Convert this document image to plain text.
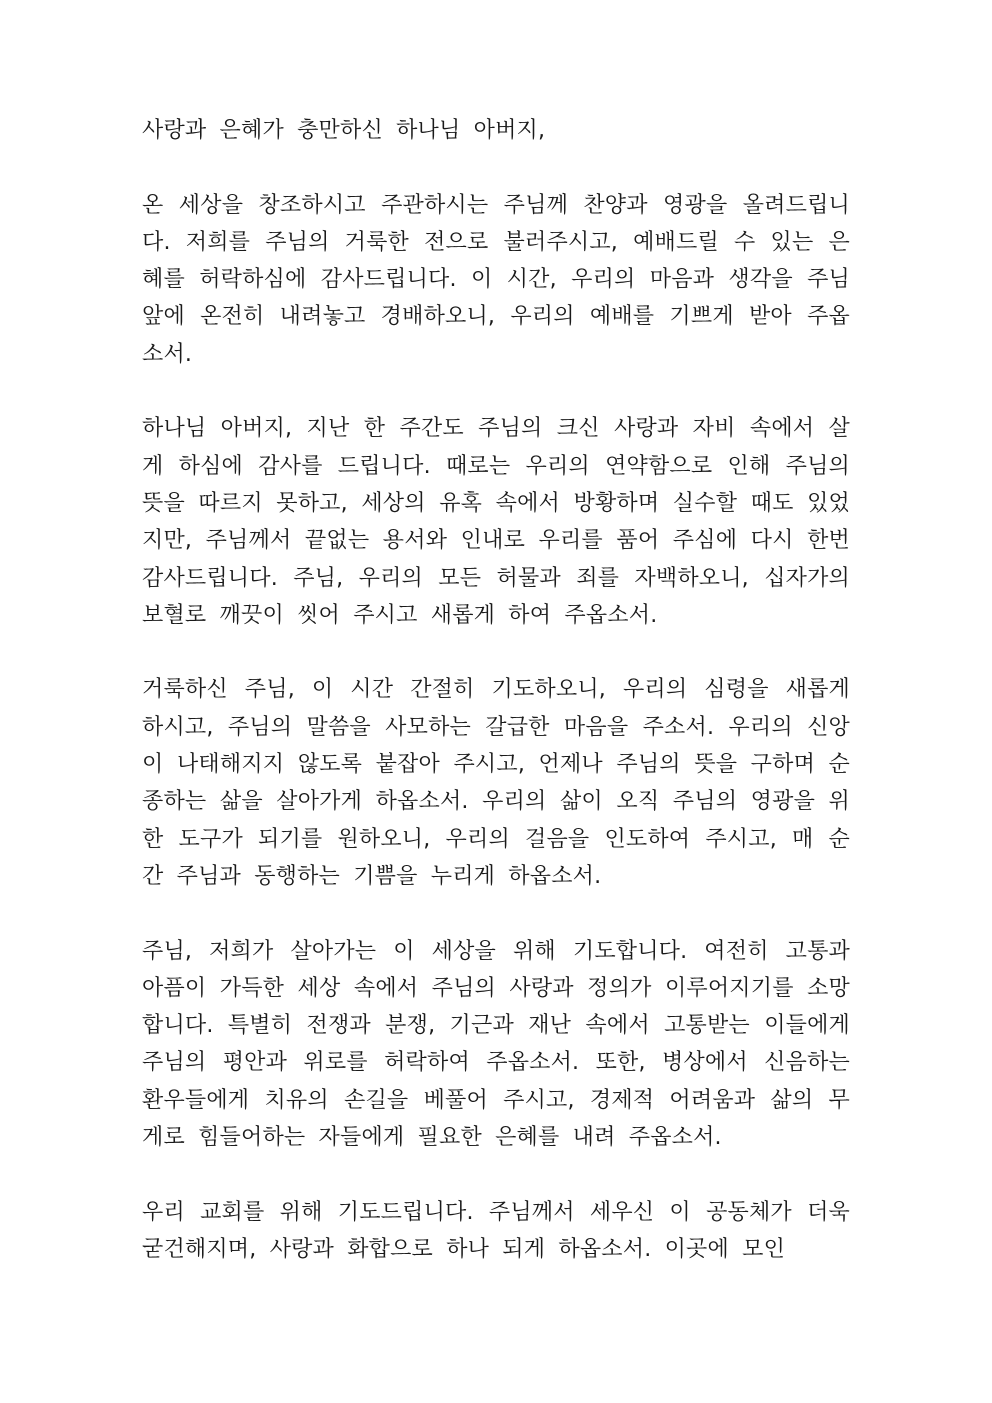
사랑과 은혜가 충만하신 하나님 아버지,

온 세상을 창조하시고 주관하시는 주님께 찬양과 영광을 올려드립니다. 저희를 주님의 거룩한 전으로 불러주시고, 예배드릴 수 있는 은혜를 허락하심에 감사드립니다. 이 시간, 우리의 마음과 생각을 주님 앞에 온전히 내려놓고 경배하오니, 우리의 예배를 기쁘게 받아 주옵소서.

하나님 아버지, 지난 한 주간도 주님의 크신 사랑과 자비 속에서 살게 하심에 감사를 드립니다. 때로는 우리의 연약함으로 인해 주님의 뜻을 따르지 못하고, 세상의 유혹 속에서 방황하며 실수할 때도 있었지만, 주님께서 끝없는 용서와 인내로 우리를 품어 주심에 다시 한번 감사드립니다. 주님, 우리의 모든 허물과 죄를 자백하오니, 십자가의 보혈로 깨끗이 씻어 주시고 새롭게 하여 주옵소서.

거룩하신 주님, 이 시간 간절히 기도하오니, 우리의 심령을 새롭게 하시고, 주님의 말씀을 사모하는 갈급한 마음을 주소서. 우리의 신앙이 나태해지지 않도록 붙잡아 주시고, 언제나 주님의 뜻을 구하며 순종하는 삶을 살아가게 하옵소서. 우리의 삶이 오직 주님의 영광을 위한 도구가 되기를 원하오니, 우리의 걸음을 인도하여 주시고, 매 순간 주님과 동행하는 기쁨을 누리게 하옵소서.

주님, 저희가 살아가는 이 세상을 위해 기도합니다. 여전히 고통과 아픔이 가득한 세상 속에서 주님의 사랑과 정의가 이루어지기를 소망합니다. 특별히 전쟁과 분쟁, 기근과 재난 속에서 고통받는 이들에게 주님의 평안과 위로를 허락하여 주옵소서. 또한, 병상에서 신음하는 환우들에게 치유의 손길을 베풀어 주시고, 경제적 어려움과 삶의 무게로 힘들어하는 자들에게 필요한 은혜를 내려 주옵소서.

우리 교회를 위해 기도드립니다. 주님께서 세우신 이 공동체가 더욱 굳건해지며, 사랑과 화합으로 하나 되게 하옵소서. 이곳에 모인
